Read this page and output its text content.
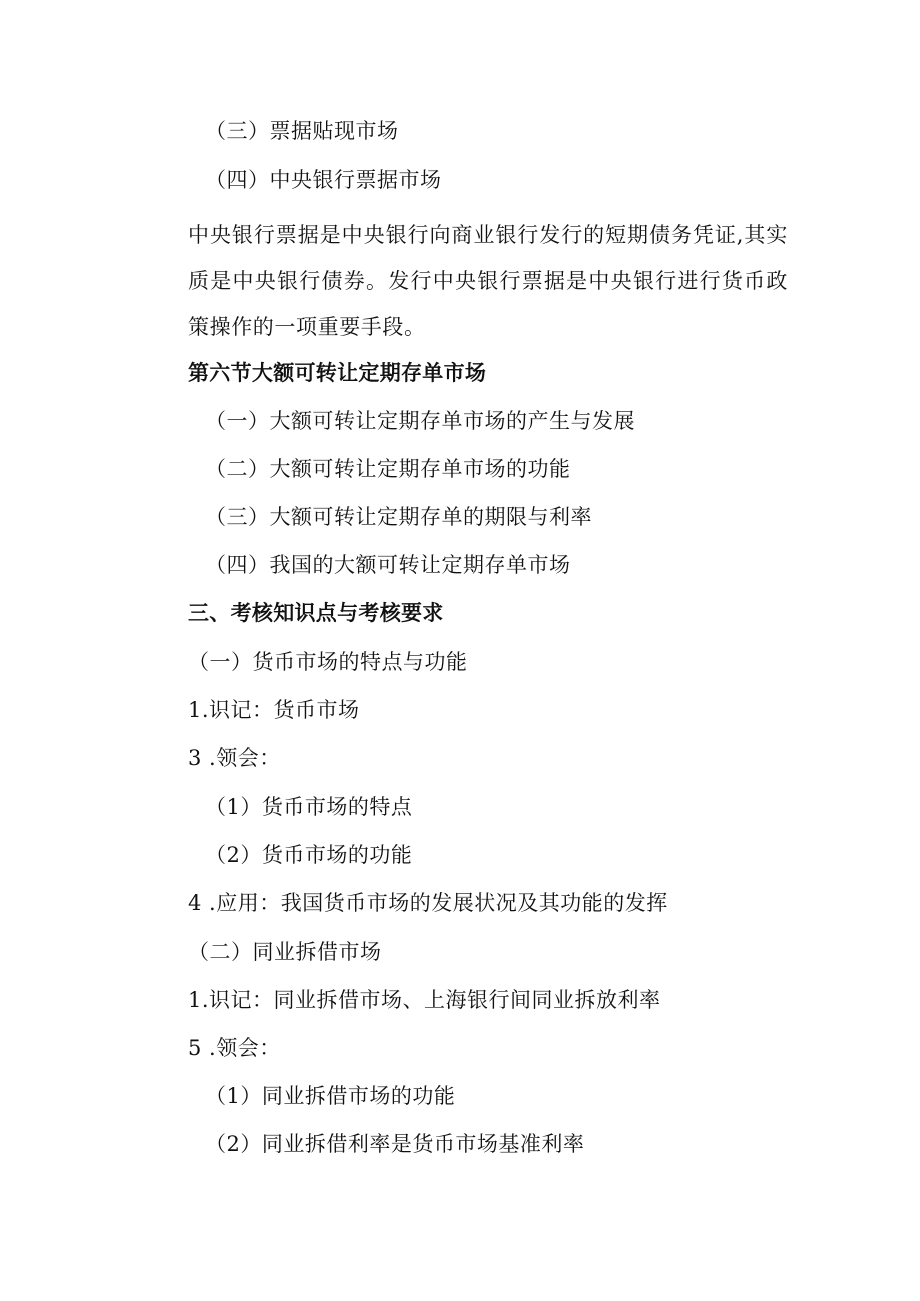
（三）票据贴现市场
（四）中央银行票据市场
中央银行票据是中央银行向商业银行发行的短期债务凭证,其实质是中央银行债券。发行中央银行票据是中央银行进行货币政策操作的一项重要手段。
第六节大额可转让定期存单市场
（一）大额可转让定期存单市场的产生与发展
（二）大额可转让定期存单市场的功能
（三）大额可转让定期存单的期限与利率
（四）我国的大额可转让定期存单市场
三、考核知识点与考核要求
（一）货币市场的特点与功能
1.识记：货币市场
3 .领会：
（1）货币市场的特点
（2）货币市场的功能
4 .应用：我国货币市场的发展状况及其功能的发挥
（二）同业拆借市场
1.识记：同业拆借市场、上海银行间同业拆放利率
5 .领会：
（1）同业拆借市场的功能
（2）同业拆借利率是货币市场基准利率
